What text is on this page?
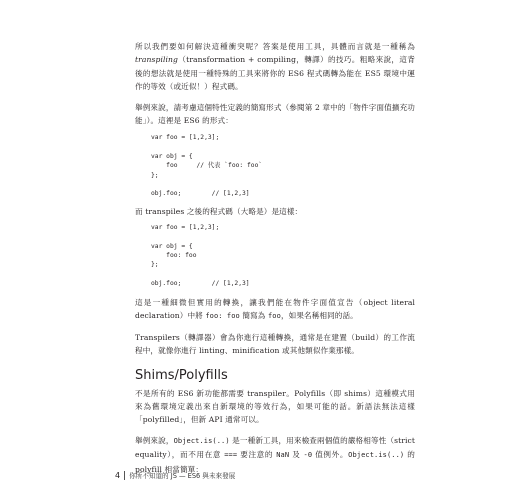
所以我們要如何解決這種衝突呢？答案是使用工具，具體而言就是一種稱為 transpiling（transformation + compiling，轉譯）的技巧。粗略來說，這背後的想法就是使用一種特殊的工具來將你的 ES6 程式碼轉為能在 ES5 環境中運作的等效（或近似！）程式碼。

舉例來說，請考慮這個特性定義的簡寫形式（參閱第 2 章中的「物件字面值擴充功能」）。這裡是 ES6 的形式：

var foo = [1,2,3];

var obj = {
foo     // 代表 `foo: foo`
};

obj.foo;        // [1,2,3]

而 transpiles 之後的程式碼（大略是）是這樣：

var foo = [1,2,3];

var obj = {
foo: foo
};

obj.foo;        // [1,2,3]

這是一種細微但實用的轉換，讓我們能在物件字面值宣告（object literal declaration）中將 foo: foo 簡寫為 foo，如果名稱相同的話。

Transpilers（轉譯器）會為你進行這種轉換，通常是在建置（build）的工作流程中，就像你進行 linting、minification 或其他類似作業那樣。

Shims/Polyfills

不是所有的 ES6 新功能都需要 transpiler。Polyfills（即 shims）這種模式用來為舊環境定義出來自新環境的等效行為，如果可能的話。新語法無法這樣「polyfilled」，但新 API 通常可以。

舉例來說，Object.is(..) 是一種新工具，用來檢查兩個值的嚴格相等性（strict equality），而不用在意 === 要注意的 NaN 及 -0 值例外。Object.is(..) 的 polyfill 相當簡單：

4 你所不知道的 JS — ES6 與未來發展
